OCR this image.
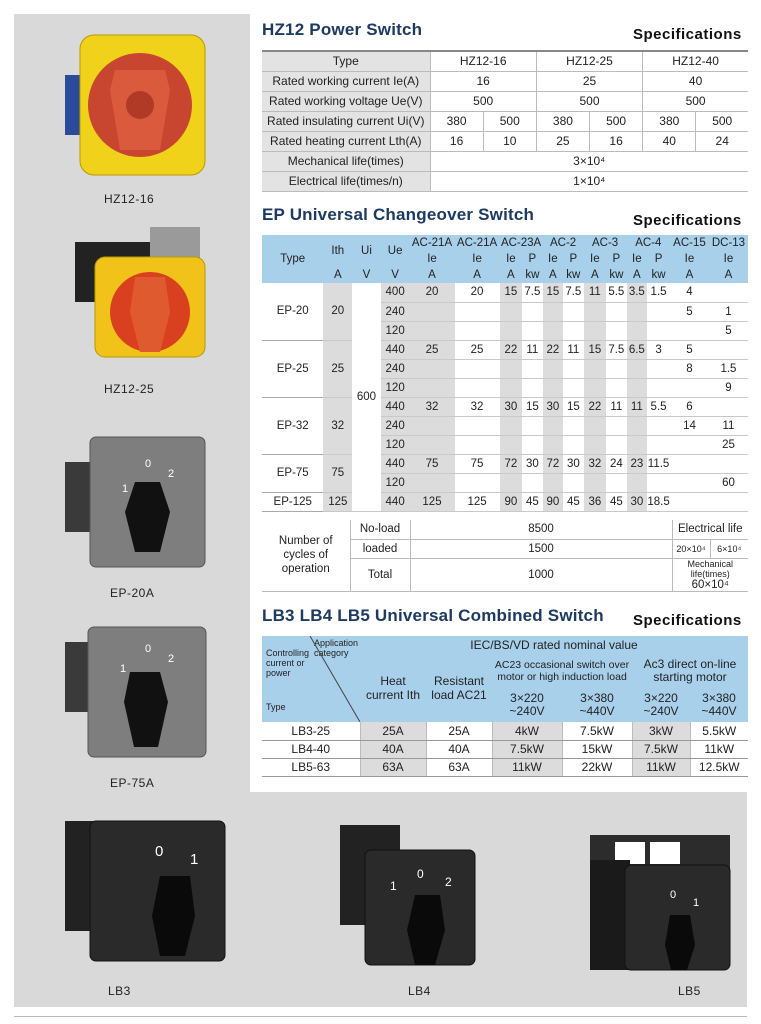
HZ12-16
HZ12-25
1
0
2
EP-20A
1
0
2
EP-75A
0 1
LB3
1
0
2
LB4
0
1
LB5
HZ12 Power Switch	Specifications
Type	HZ12-16		HZ12-25		HZ12-40	
Rated working current Ie(A)	16		25		40	
Rated working voltage Ue(V)	500		500		500	
Rated insulating current Ui(V)	380	500	380	500	380	500
Rated heating current Lth(A)	16	10	25	16	40	24
Mechanical life(times)	3×10⁴					
Electrical life(times/n)	1×10⁴					
EP Universal Changeover Switch	Specifications
Type	Ith	Ui	Ue	AC-21A	AC-21A	AC-23A		AC-2		AC-3		AC-4		AC-15	DC-13
				Ie	Ie	Ie	P	Ie	P	Ie	P	Ie	P	Ie	Ie
	A	V	V	A	A	A	kw	A	kw	A	kw	A	kw	A	A
EP-20	20	600	400	20	20	15	7.5	15	7.5	11	5.5	3.5	1.5	4	
			240											5	1
			120												5
EP-25	25		440	25	25	22	11	22	11	15	7.5	6.5	3	5	
			240											8	1.5
			120												9
EP-32	32		440	32	32	30	15	30	15	22	11	11	5.5	6	
			240											14	11
			120												25
EP-75	75		440	75	75	72	30	72	30	32	24	23	11.5		
			120												60
EP-125	125		440	125	125	90	45	90	45	36	45	30	18.5		
Number of cycles of operation	No-load	8500	Electrical life	
	loaded	1500	20×10⁴	6×10⁴
	Total	1000	Mechanical life(times)
60×10⁴	
LB3 LB4 LB5 Universal Combined Switch Specifications
Application category
Controlling current or power
Type	IEC/BS/VD rated nominal value					
	Heat current Ith	Resistant load AC21	AC23 occasional switch over motor or high induction load		Ac3 direct on-line starting motor	
			3×220 ~240V	3×380 ~440V	3×220 ~240V	3×380 ~440V
LB3-25	25A	25A	4kW	7.5kW	3kW	5.5kW
LB4-40	40A	40A	7.5kW	15kW	7.5kW	11kW
LB5-63	63A	63A	11kW	22kW	11kW	12.5kW
